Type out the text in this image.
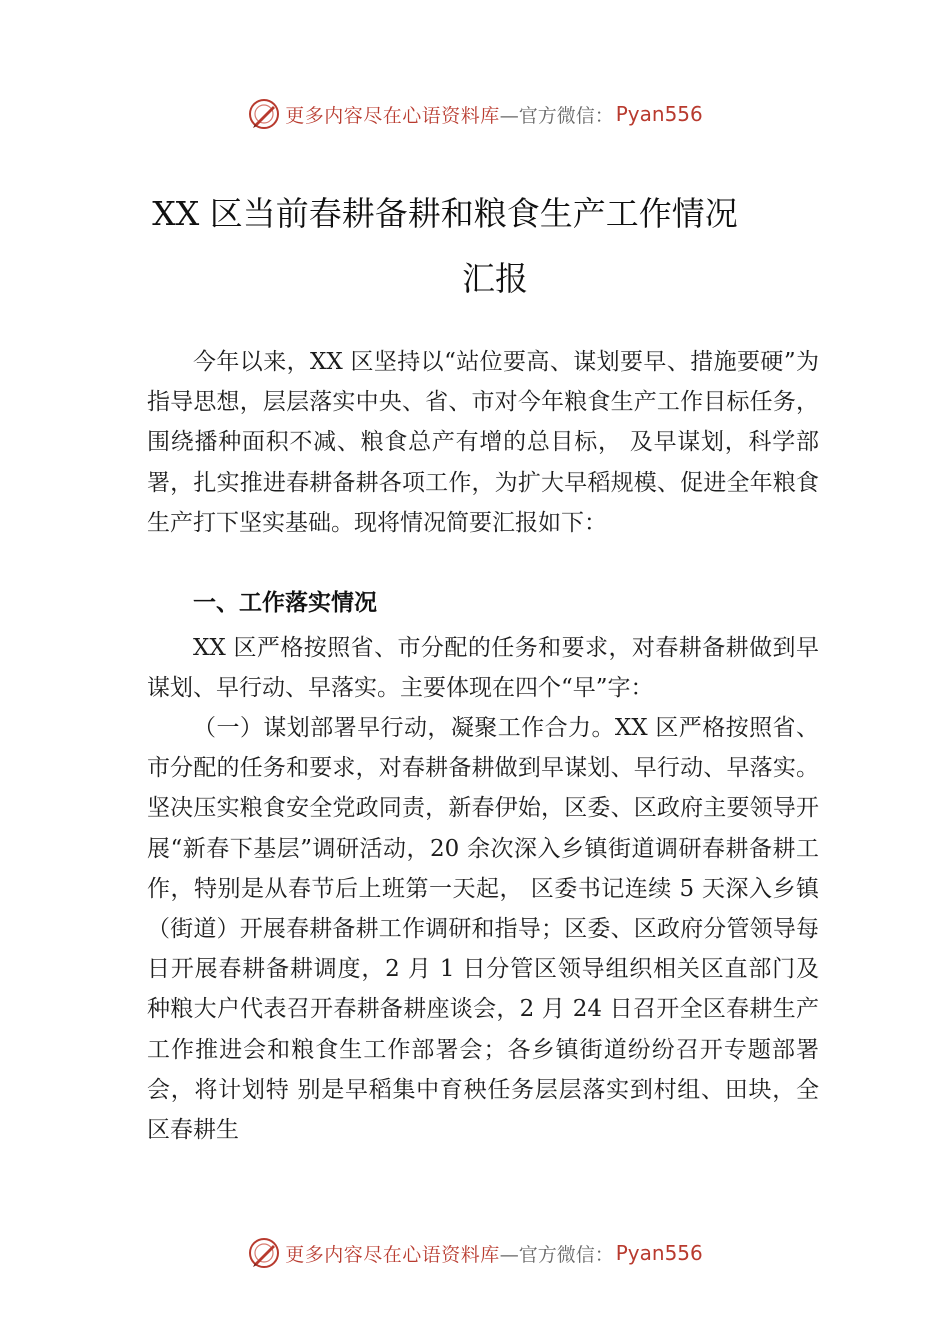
更多内容尽在心语资料库 —官方微信： Pyan556
XX 区当前春耕备耕和粮食生产工作情况
汇报

今年以来，XX 区坚持以“站位要高、谋划要早、措施要硬”为指导思想，层层落实中央、省、市对今年粮食生产工作目标任务，围绕播种面积不减、粮食总产有增的总目标， 及早谋划，科学部署，扎实推进春耕备耕各项工作，为扩大早稻规模、促进全年粮食生产打下坚实基础。现将情况简要汇报如下：

一、工作落实情况

XX 区严格按照省、市分配的任务和要求，对春耕备耕做到早谋划、早行动、早落实。主要体现在四个“早”字：

（一）谋划部署早行动，凝聚工作合力。XX 区严格按照省、市分配的任务和要求，对春耕备耕做到早谋划、早行动、早落实。坚决压实粮食安全党政同责，新春伊始，区委、区政府主要领导开展“新春下基层”调研活动，20 余次深入乡镇街道调研春耕备耕工作，特别是从春节后上班第一天起， 区委书记连续 5 天深入乡镇（街道）开展春耕备耕工作调研和指导；区委、区政府分管领导每日开展春耕备耕调度，2 月 1 日分管区领导组织相关区直部门及种粮大户代表召开春耕备耕座谈会，2 月 24 日召开全区春耕生产工作推进会和粮食生工作部署会；各乡镇街道纷纷召开专题部署会，将计划特 别是早稻集中育秧任务层层落实到村组、田块，全区春耕生

更多内容尽在心语资料库 —官方微信： Pyan556
